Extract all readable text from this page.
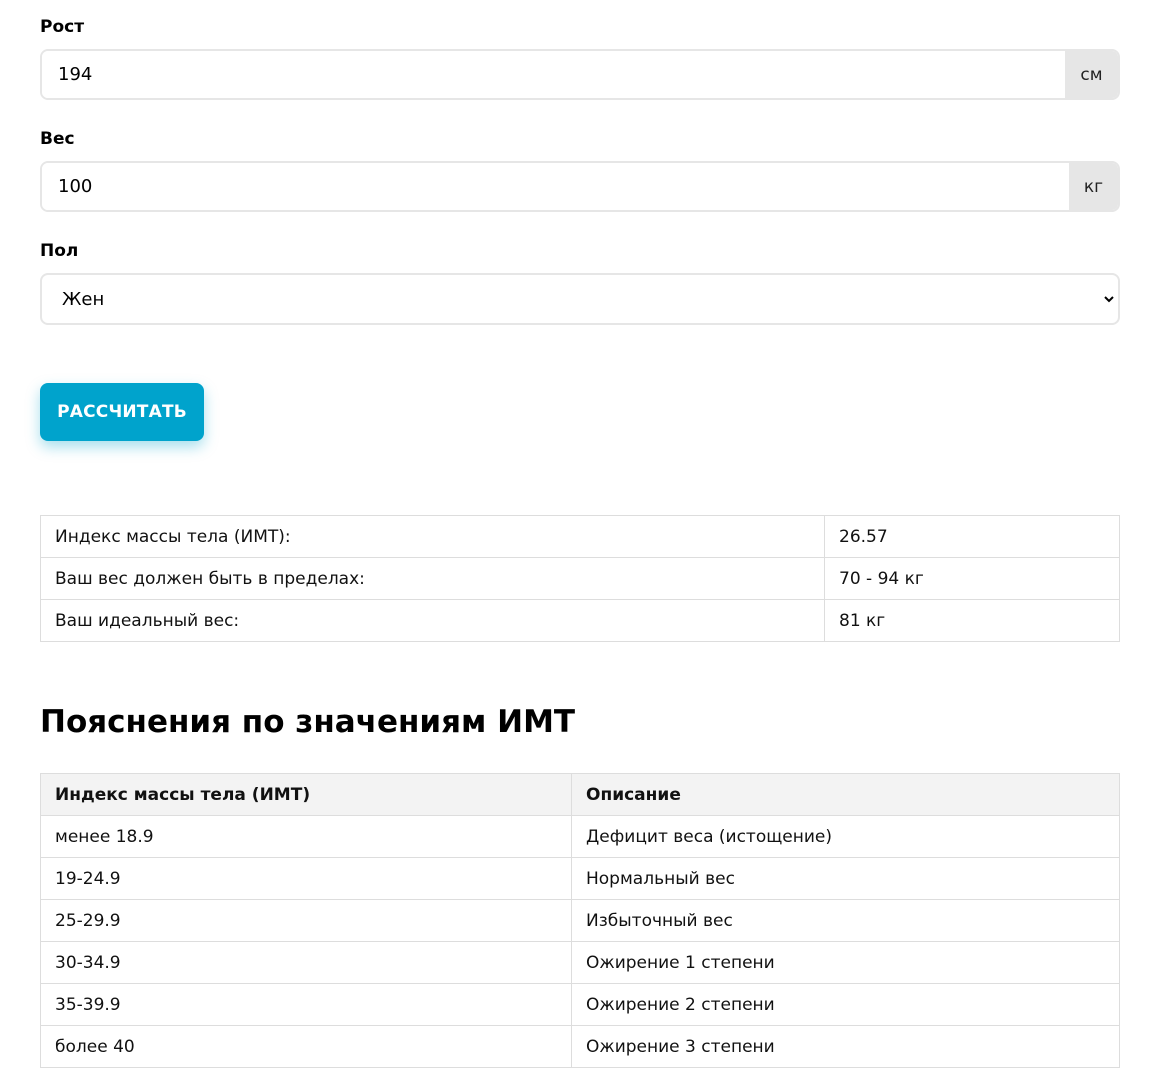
Рост
194
см
Вес
100
кг
Пол
Жен
РАССЧИТАТЬ
Индекс массы тела (ИМТ):	26.57
Ваш вес должен быть в пределах:	70 - 94 кг
Ваш идеальный вес:	81 кг
Пояснения по значениям ИМТ
Индекс массы тела (ИМТ)	Описание
менее 18.9	Дефицит веса (истощение)
19-24.9	Нормальный вес
25-29.9	Избыточный вес
30-34.9	Ожирение 1 степени
35-39.9	Ожирение 2 степени
более 40	Ожирение 3 степени
